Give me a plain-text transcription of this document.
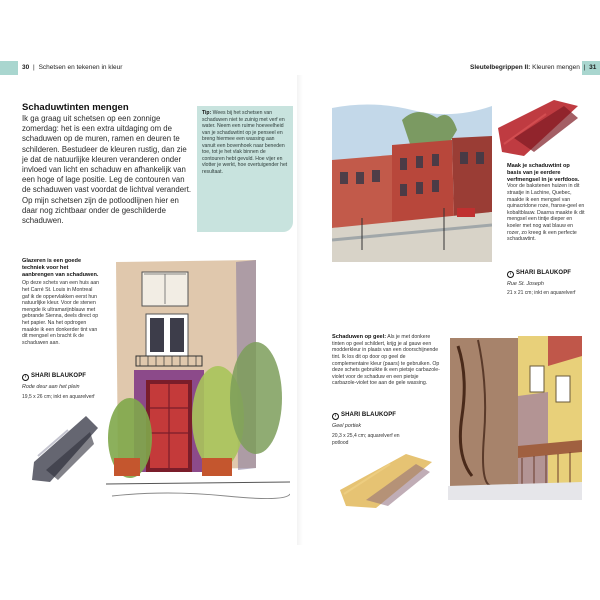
30 | Schetsen en tekenen in kleur	Sleutelbegrippen II: Kleuren mengen | 31
Schaduwtinten mengen
Ik ga graag uit schetsen op een zonnige zomerdag: het is een extra uitdaging om de schaduwen op de muren, ramen en deuren te schilderen. Bestudeer de kleuren rustig, dan zie je dat de natuurlijke kleuren veranderen onder invloed van licht en schaduw en afhankelijk van een hoge of lage positie. Leg de contouren van de schaduwen vast voordat de lichtval verandert. Op mijn schetsen zijn de potloodlijnen hier en daar nog zichtbaar onder de geschilderde schaduwen.
Tip: Wees bij het schetsen van schaduwen niet te zuinig met verf en water. Neem een ruime hoeveelheid van je schaduwtint op je penseel en breng hiermee een wassing aan vanuit een bovenhoek naar beneden toe, tot je het vlak binnen de contouren hebt gevuld. Hoe vijer en vlotter je werkt, hoe overtuigender het resultaat.
Maak je schaduwtint op basis van je eerdere verfmengsel in je verfdoos. Voor de bakstenen huizen in dit straatje in Lachine, Quebec, maakte ik een mengsel van quinacridone roze, franse-geel en kobaltblauw. Daarna maakte ik dit mengsel een tintje dieper en koeler met nog wat blauw en rozer, zo kreeg ik een perfecte schaduwtint.
› SHARI BLAUKOPF
Rue St. Joseph
21 x 21 cm; inkt en aquarelverf
Glazeren is een goede techniek voor het aanbrengen van schaduwen.
Op deze schets van een huis aan het Carré St. Louis in Montreal gaf ik de oppervlakken eerst hun natuurlijke kleur. Voor de stenen mengde ik ultramarijnblauw met gebrande Sienna, deels direct op het papier. Na het opdrogen maakte ik een donkerder tint van dit mengsel en bracht ik de schaduwen aan.
› SHARI BLAUKOPF
Rode deur aan het plein
19,5 x 26 cm; inkt en aquarelverf
Schaduwen op geel: Als je met donkere tinten op geel schildert, krijg je al gauw een modderkleur in plaats van een doorschijnende tint. Ik los dit op door op geel de complementaire kleur (paars) te gebruiken. Op deze schets gebruikte ik een pietsje carbazole-violet voor de schaduw en een pietsje carbazole-violet toe aan de gele wassing.
› SHARI BLAUKOPF
Geel portiek
20,3 x 25,4 cm; aquarelverf en potlood
